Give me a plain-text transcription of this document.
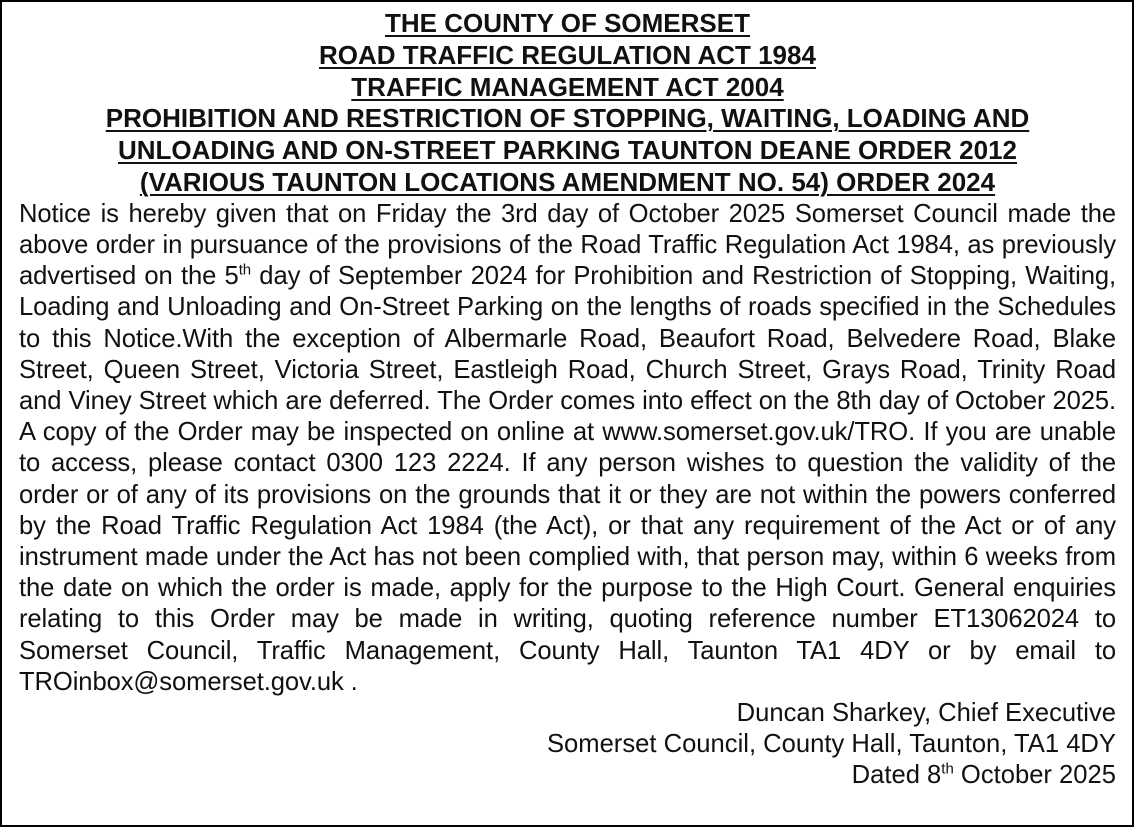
THE COUNTY OF SOMERSET
ROAD TRAFFIC REGULATION ACT 1984
TRAFFIC MANAGEMENT ACT 2004
PROHIBITION AND RESTRICTION OF STOPPING, WAITING, LOADING AND
UNLOADING AND ON-STREET PARKING TAUNTON DEANE ORDER 2012
(VARIOUS TAUNTON LOCATIONS AMENDMENT NO. 54) ORDER 2024
Notice is hereby given that on Friday the 3rd day of October 2025 Somerset Council made the above order in pursuance of the provisions of the Road Traffic Regulation Act 1984, as previously advertised on the 5th day of September 2024 for Prohibition and Restriction of Stopping, Waiting, Loading and Unloading and On-Street Parking on the lengths of roads specified in the Schedules to this Notice.With the exception of Albermarle Road, Beaufort Road, Belvedere Road, Blake Street, Queen Street, Victoria Street, Eastleigh Road, Church Street, Grays Road, Trinity Road and Viney Street which are deferred. The Order comes into effect on the 8th day of October 2025. A copy of the Order may be inspected on online at www.somerset.gov.uk/TRO. If you are unable to access, please contact 0300 123 2224. If any person wishes to question the validity of the order or of any of its provisions on the grounds that it or they are not within the powers conferred by the Road Traffic Regulation Act 1984 (the Act), or that any requirement of the Act or of any instrument made under the Act has not been complied with, that person may, within 6 weeks from the date on which the order is made, apply for the purpose to the High Court. General enquiries relating to this Order may be made in writing, quoting reference number ET13062024 to Somerset Council, Traffic Management, County Hall, Taunton TA1 4DY or by email to TROinbox@somerset.gov.uk .
Duncan Sharkey, Chief Executive
Somerset Council, County Hall, Taunton, TA1 4DY
Dated 8th October 2025
